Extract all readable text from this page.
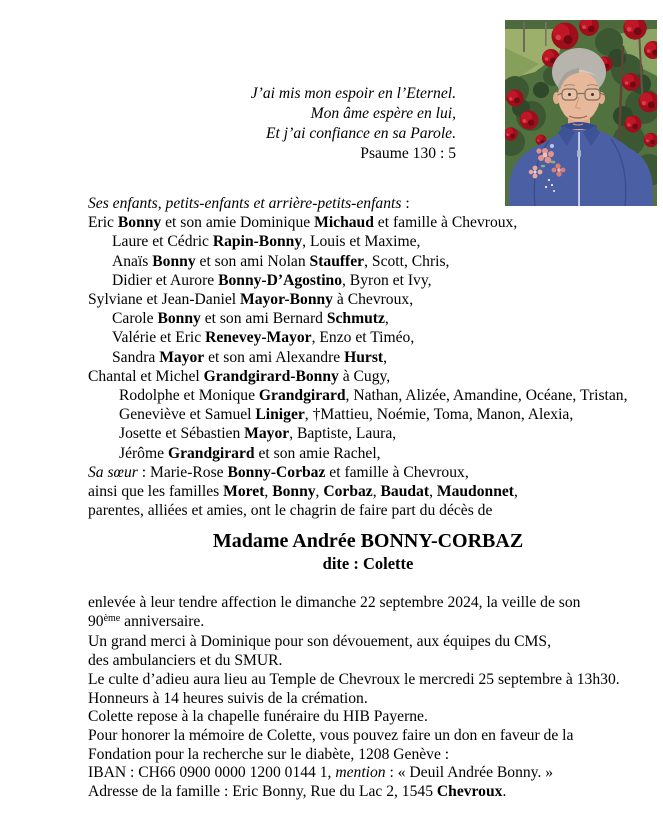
J’ai mis mon espoir en l’Eternel.
Mon âme espère en lui,
Et j’ai confiance en sa Parole.
Psaume 130 : 5
Ses enfants, petits-enfants et arrière-petits-enfants :
Eric Bonny et son amie Dominique Michaud et famille à Chevroux,
Laure et Cédric Rapin-Bonny, Louis et Maxime,
Anaïs Bonny et son ami Nolan Stauffer, Scott, Chris,
Didier et Aurore Bonny-D’Agostino, Byron et Ivy,
Sylviane et Jean-Daniel Mayor-Bonny à Chevroux,
Carole Bonny et son ami Bernard Schmutz,
Valérie et Eric Renevey-Mayor, Enzo et Timéo,
Sandra Mayor et son ami Alexandre Hurst,
Chantal et Michel Grandgirard-Bonny à Cugy,
Rodolphe et Monique Grandgirard, Nathan, Alizée, Amandine, Océane, Tristan,
Geneviève et Samuel Liniger, †Mattieu, Noémie, Toma, Manon, Alexia,
Josette et Sébastien Mayor, Baptiste, Laura,
Jérôme Grandgirard et son amie Rachel,
Sa sœur : Marie-Rose Bonny-Corbaz et famille à Chevroux,
ainsi que les familles Moret, Bonny, Corbaz, Baudat, Maudonnet,
parentes, alliées et amies, ont le chagrin de faire part du décès de
Madame Andrée BONNY-CORBAZ
dite : Colette
enlevée à leur tendre affection le dimanche 22 septembre 2024, la veille de son
90ème anniversaire.
Un grand merci à Dominique pour son dévouement, aux équipes du CMS,
des ambulanciers et du SMUR.
Le culte d’adieu aura lieu au Temple de Chevroux le mercredi 25 septembre à 13h30.
Honneurs à 14 heures suivis de la crémation.
Colette repose à la chapelle funéraire du HIB Payerne.
Pour honorer la mémoire de Colette, vous pouvez faire un don en faveur de la
Fondation pour la recherche sur le diabète, 1208 Genève :
IBAN : CH66 0900 0000 1200 0144 1, mention : « Deuil Andrée Bonny. »
Adresse de la famille : Eric Bonny, Rue du Lac 2, 1545 Chevroux.
